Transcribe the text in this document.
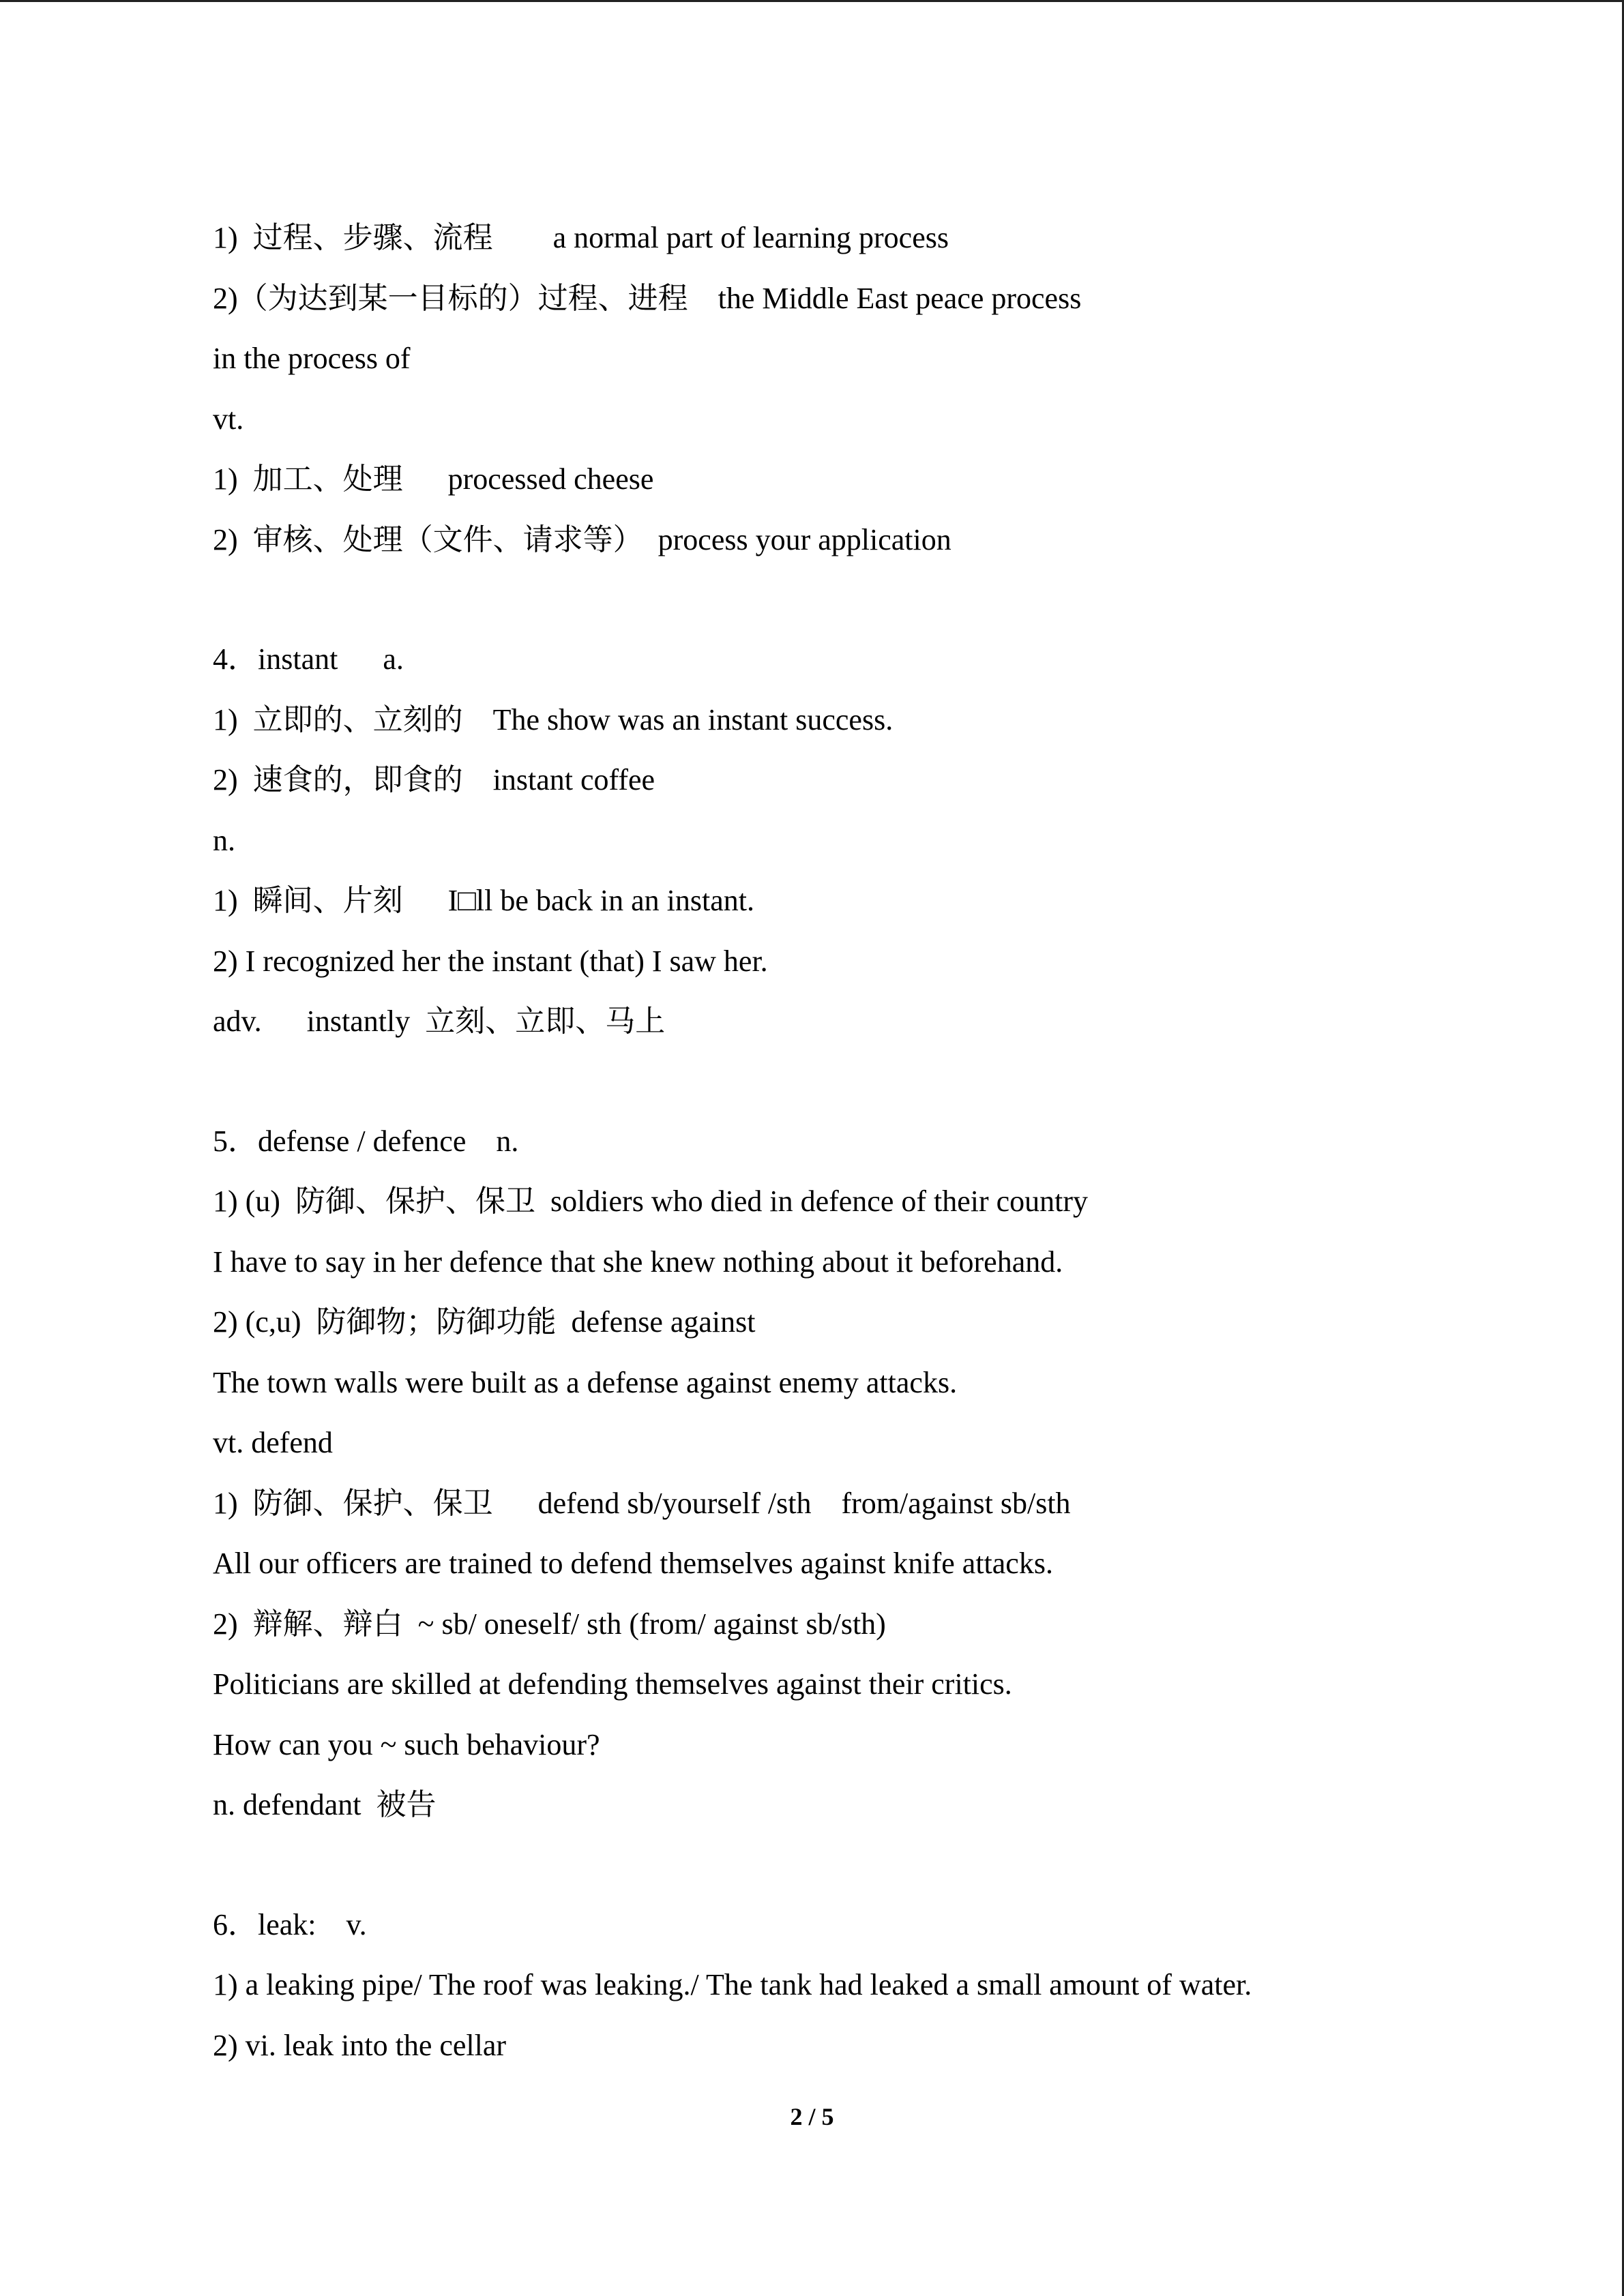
1)  过程、步骤、流程        a normal part of learning process
2)（为达到某一目标的）过程、进程    the Middle East peace process
in the process of
vt.
1)  加工、处理      processed cheese
2)  审核、处理（文件、请求等）  process your application
4．instant      a.
1)  立即的、立刻的    The show was an instant success.
2)  速食的，即食的    instant coffee
n.
1)  瞬间、片刻      I□ll be back in an instant.
2) I recognized her the instant (that) I saw her.
adv.      instantly  立刻、立即、马上
5．defense / defence    n.
1) (u)  防御、保护、保卫  soldiers who died in defence of their country
I have to say in her defence that she knew nothing about it beforehand.
2) (c,u)  防御物；防御功能  defense against
The town walls were built as a defense against enemy attacks.
vt. defend
1)  防御、保护、保卫      defend sb/yourself /sth    from/against sb/sth
All our officers are trained to defend themselves against knife attacks.
2)  辩解、辩白  ~ sb/ oneself/ sth (from/ against sb/sth)
Politicians are skilled at defending themselves against their critics.
How can you ~ such behaviour?
n. defendant  被告
6．leak:    v.
1) a leaking pipe/ The roof was leaking./ The tank had leaked a small amount of water.
2) vi. leak into the cellar
2 / 5
